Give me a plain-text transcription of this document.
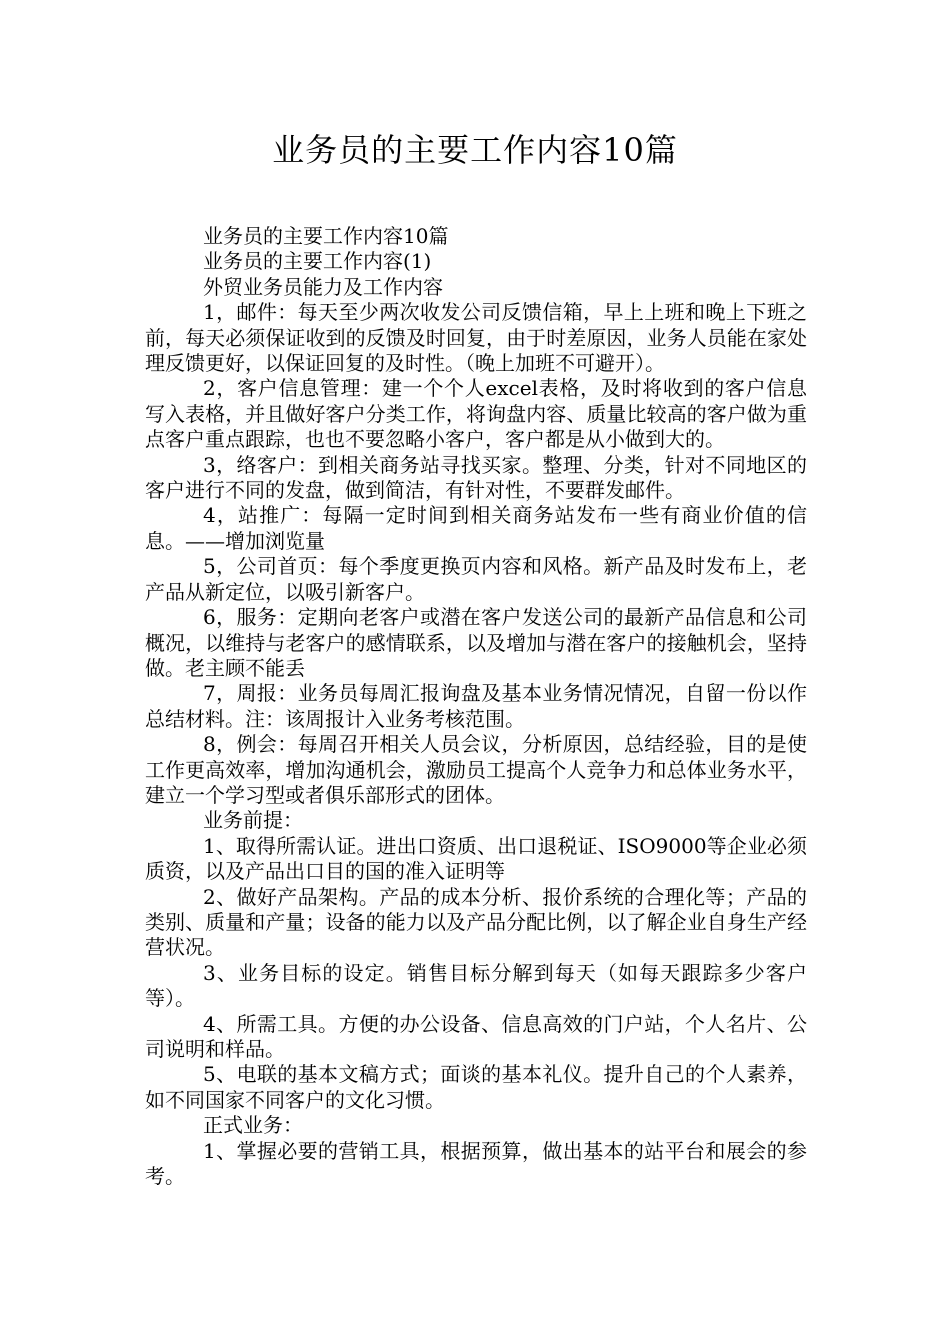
业务员的主要工作内容10篇

业务员的主要工作内容10篇

业务员的主要工作内容(1)

外贸业务员能力及工作内容

1，邮件：每天至少两次收发公司反馈信箱，早上上班和晚上下班之前，每天必须保证收到的反馈及时回复，由于时差原因，业务人员能在家处理反馈更好，以保证回复的及时性。（晚上加班不可避开）。

2，客户信息管理：建一个个人excel表格，及时将收到的客户信息写入表格，并且做好客户分类工作，将询盘内容、质量比较高的客户做为重点客户重点跟踪，也也不要忽略小客户，客户都是从小做到大的。

3，络客户：到相关商务站寻找买家。整理、分类，针对不同地区的客户进行不同的发盘，做到简洁，有针对性，不要群发邮件。

4，站推广：每隔一定时间到相关商务站发布一些有商业价值的信息。——增加浏览量

5，公司首页：每个季度更换页内容和风格。新产品及时发布上，老产品从新定位，以吸引新客户。

6，服务：定期向老客户或潜在客户发送公司的最新产品信息和公司概况，以维持与老客户的感情联系，以及增加与潜在客户的接触机会，坚持做。老主顾不能丢

7，周报：业务员每周汇报询盘及基本业务情况情况，自留一份以作总结材料。注：该周报计入业务考核范围。

8，例会：每周召开相关人员会议，分析原因，总结经验，目的是使工作更高效率，增加沟通机会，激励员工提高个人竞争力和总体业务水平，建立一个学习型或者俱乐部形式的团体。

业务前提：

1、取得所需认证。进出口资质、出口退税证、ISO9000等企业必须质资，以及产品出口目的国的准入证明等

2、做好产品架构。产品的成本分析、报价系统的合理化等；产品的类别、质量和产量；设备的能力以及产品分配比例，以了解企业自身生产经营状况。

3、业务目标的设定。销售目标分解到每天（如每天跟踪多少客户等）。

4、所需工具。方便的办公设备、信息高效的门户站，个人名片、公司说明和样品。

5、电联的基本文稿方式；面谈的基本礼仪。提升自己的个人素养，如不同国家不同客户的文化习惯。

正式业务：

1、掌握必要的营销工具，根据预算，做出基本的站平台和展会的参考。
